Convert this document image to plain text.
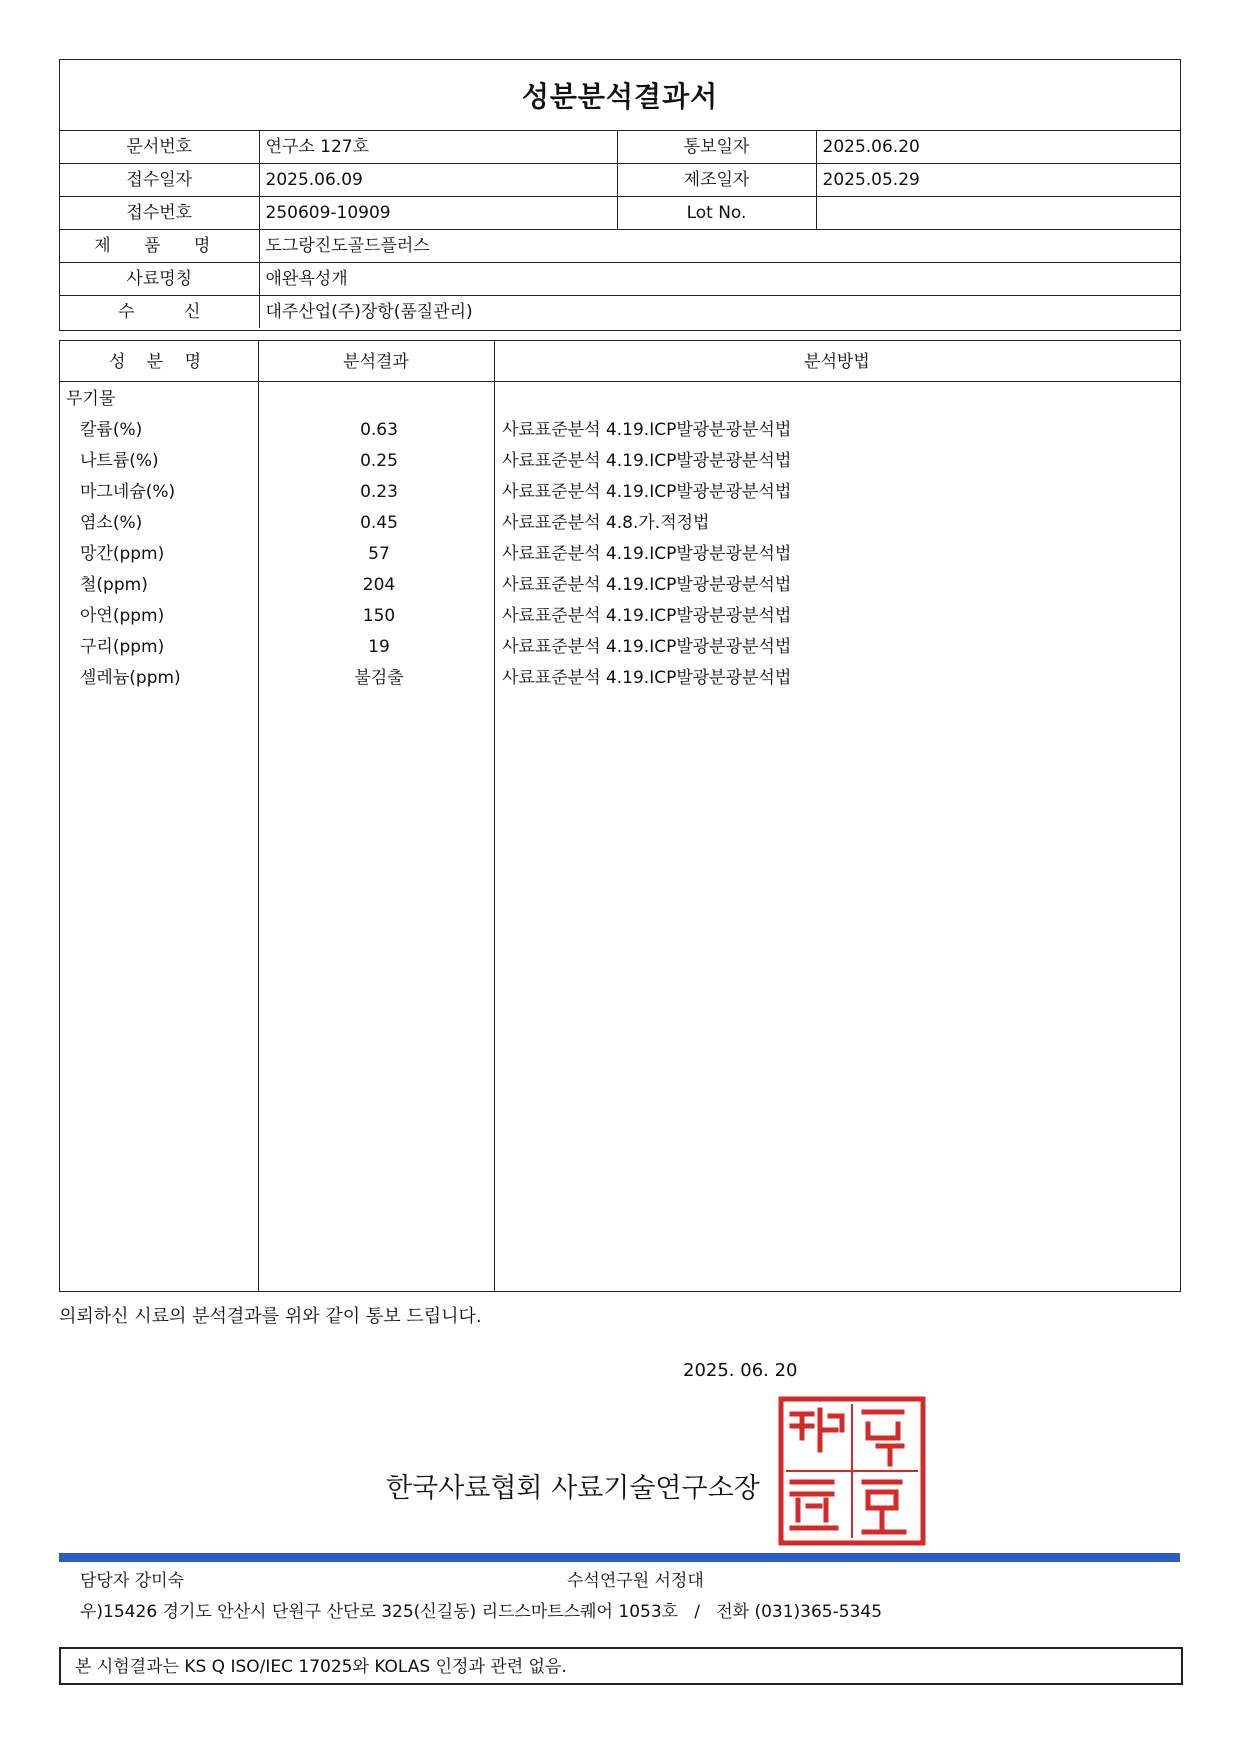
성분분석결과서
문서번호	연구소 127호	통보일자	2025.06.20
접수일자	2025.06.09	제조일자	2025.05.29
접수번호	250609-10909	Lot No.	
제 품 명	도그랑진도골드플러스		
사료명칭	애완욕성개		
수 신	대주산업(주)장항(품질관리)		
성 분 명	분석결과	분석방법
무기물
칼륨(%)	0.63	사료표준분석 4.19.ICP발광분광분석법
나트륨(%)	0.25	사료표준분석 4.19.ICP발광분광분석법
마그네슘(%)	0.23	사료표준분석 4.19.ICP발광분광분석법
염소(%)	0.45	사료표준분석 4.8.가.적정법
망간(ppm)	57	사료표준분석 4.19.ICP발광분광분석법
철(ppm)	204	사료표준분석 4.19.ICP발광분광분석법
아연(ppm)	150	사료표준분석 4.19.ICP발광분광분석법
구리(ppm)	19	사료표준분석 4.19.ICP발광분광분석법
셀레늄(ppm)	불검출	사료표준분석 4.19.ICP발광분광분석법
의뢰하신 시료의 분석결과를 위와 같이 통보 드립니다.
2025. 06. 20
한국사료협회 사료기술연구소장
담당자 강미숙	수석연구원 서정대
우)15426 경기도 안산시 단원구 산단로 325(신길동) 리드스마트스퀘어 1053호   /   전화 (031)365-5345
본 시험결과는 KS Q ISO/IEC 17025와 KOLAS 인정과 관련 없음.
